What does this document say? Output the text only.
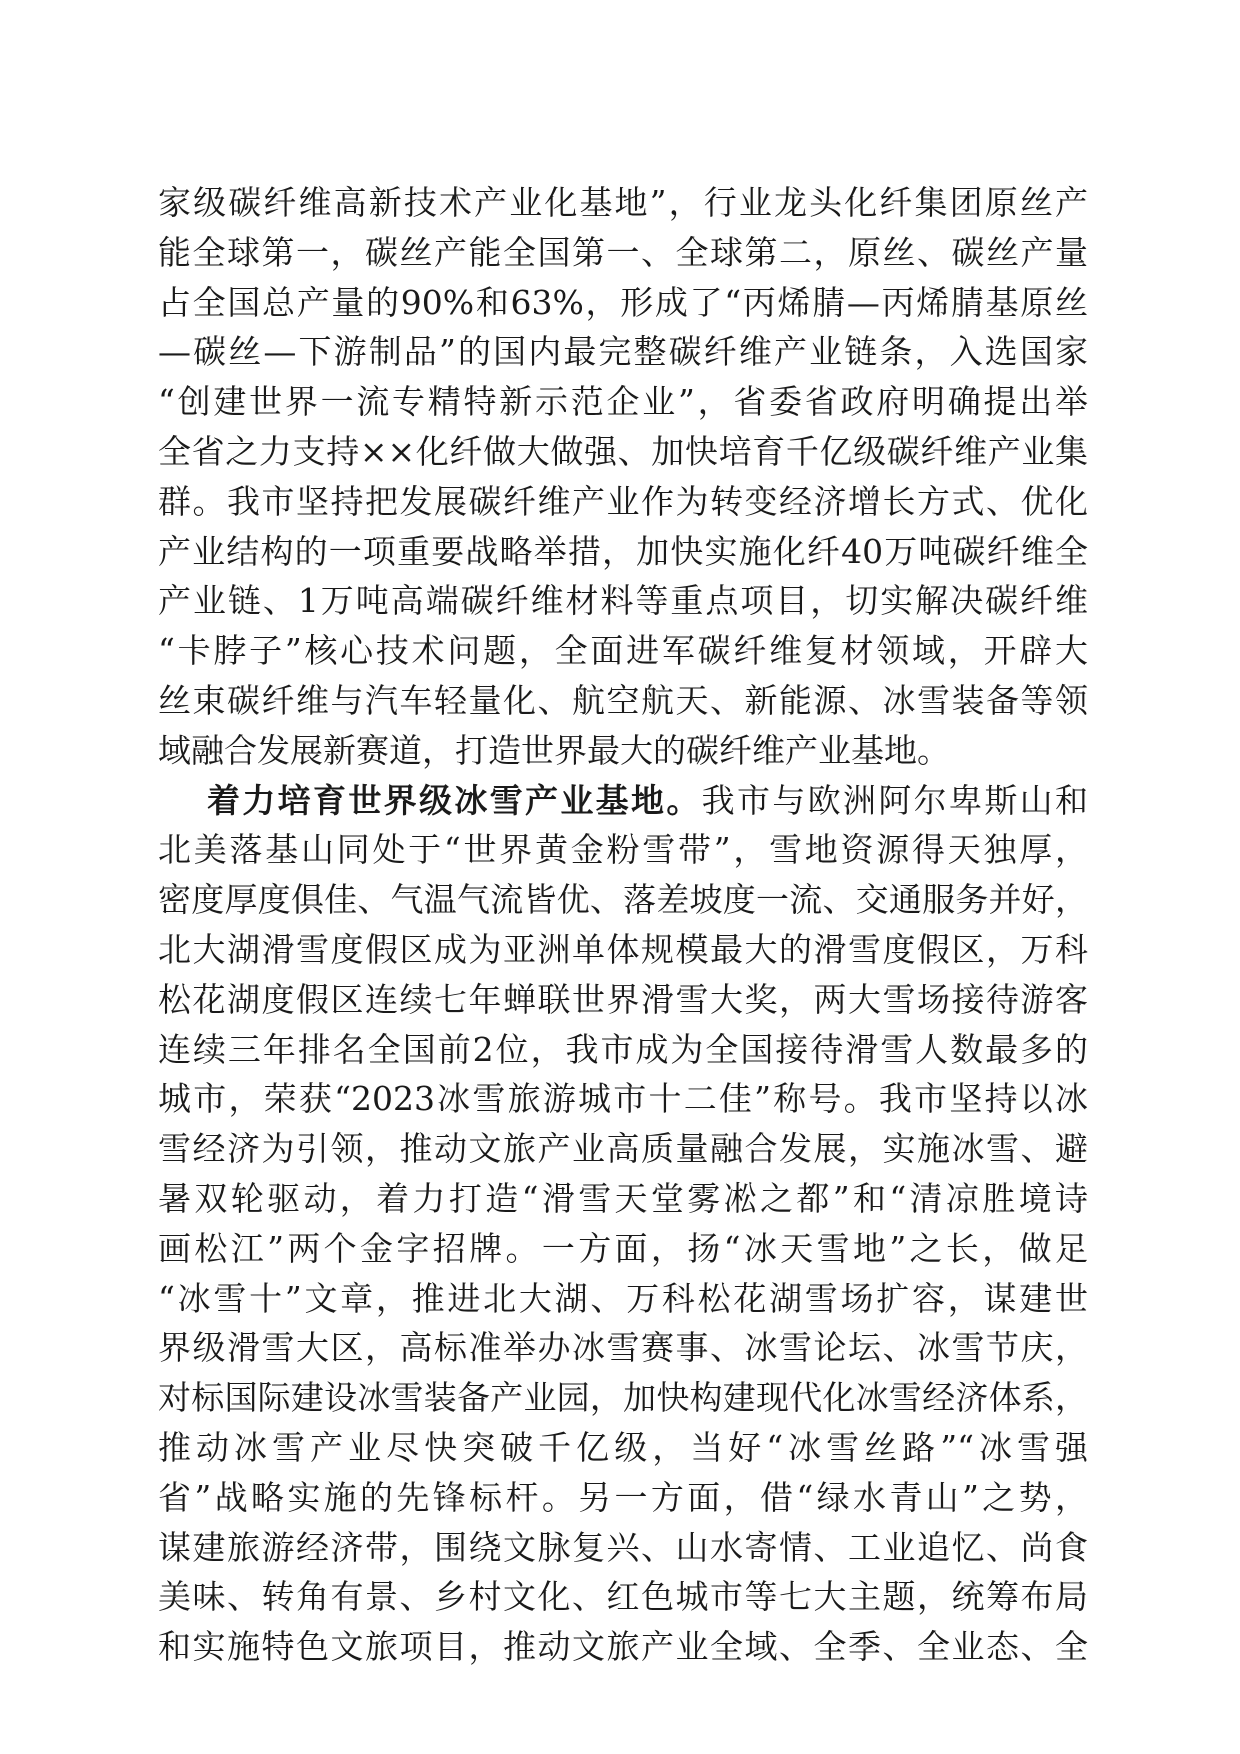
家级碳纤维高新技术产业化基地”，行业龙头化纤集团原丝产
能全球第一，碳丝产能全国第一、全球第二，原丝、碳丝产量
占全国总产量的90%和63%，形成了“丙烯腈—丙烯腈基原丝
—碳丝—下游制品”的国内最完整碳纤维产业链条，入选国家
“创建世界一流专精特新示范企业”，省委省政府明确提出举
全省之力支持××化纤做大做强、加快培育千亿级碳纤维产业集
群。我市坚持把发展碳纤维产业作为转变经济增长方式、优化
产业结构的一项重要战略举措，加快实施化纤40万吨碳纤维全
产业链、1万吨高端碳纤维材料等重点项目，切实解决碳纤维
“卡脖子”核心技术问题，全面进军碳纤维复材领域，开辟大
丝束碳纤维与汽车轻量化、航空航天、新能源、冰雪装备等领
域融合发展新赛道，打造世界最大的碳纤维产业基地。
着力培育世界级冰雪产业基地。我市与欧洲阿尔卑斯山和
北美落基山同处于“世界黄金粉雪带”，雪地资源得天独厚，
密度厚度俱佳、气温气流皆优、落差坡度一流、交通服务并好，
北大湖滑雪度假区成为亚洲单体规模最大的滑雪度假区，万科
松花湖度假区连续七年蝉联世界滑雪大奖，两大雪场接待游客
连续三年排名全国前2位，我市成为全国接待滑雪人数最多的
城市，荣获“2023冰雪旅游城市十二佳”称号。我市坚持以冰
雪经济为引领，推动文旅产业高质量融合发展，实施冰雪、避
暑双轮驱动，着力打造“滑雪天堂雾凇之都”和“清凉胜境诗
画松江”两个金字招牌。一方面，扬“冰天雪地”之长，做足
“冰雪十”文章，推进北大湖、万科松花湖雪场扩容，谋建世
界级滑雪大区，高标准举办冰雪赛事、冰雪论坛、冰雪节庆，
对标国际建设冰雪装备产业园，加快构建现代化冰雪经济体系，
推动冰雪产业尽快突破千亿级，当好“冰雪丝路”“冰雪强
省”战略实施的先锋标杆。另一方面，借“绿水青山”之势，
谋建旅游经济带，围绕文脉复兴、山水寄情、工业追忆、尚食
美味、转角有景、乡村文化、红色城市等七大主题，统筹布局
和实施特色文旅项目，推动文旅产业全域、全季、全业态、全
